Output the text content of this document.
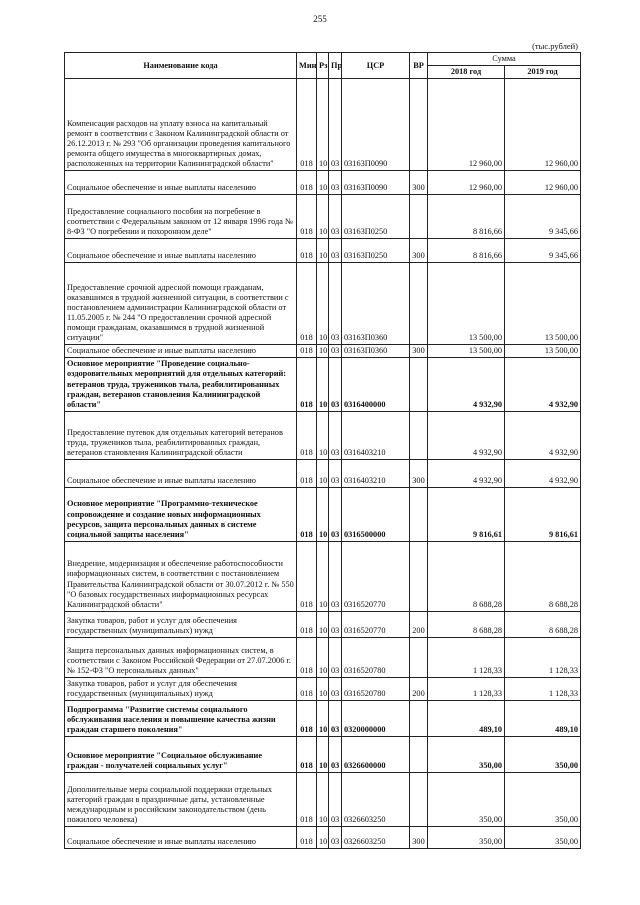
255
(тыс.рублей)
Наименование кода	Мин	Рз	Пр	ЦСР	ВР	Сумма	
						2018 год	2019 год
Компенсация расходов на уплату взноса на капитальный ремонт в соответствии с Законом Калининградской области от 26.12.2013 г. № 293 "Об организации проведения капитального ремонта общего имущества в многоквартирных домах, расположенных на территории Калининградской области"	018	10	03	03163П0090		12 960,00	12 960,00
Социальное обеспечение и иные выплаты населению	018	10	03	03163П0090	300	12 960,00	12 960,00
Предоставление социального пособия на погребение в соответствии с Федеральным законом от 12 января 1996 года № 8-ФЗ "О погребении и похоронном деле"	018	10	03	03163П0250		8 816,66	9 345,66
Социальное обеспечение и иные выплаты населению	018	10	03	03163П0250	300	8 816,66	9 345,66
Предоставление срочной адресной помощи гражданам, оказавшимся в трудной жизненной ситуации, в соответствии с постановлением администрации Калининградской области от 11.05.2005 г. № 244 "О предоставлении срочной адресной помощи гражданам, оказавшимся в трудной жизненной ситуации"	018	10	03	03163П0360		13 500,00	13 500,00
Социальное обеспечение и иные выплаты населению	018	10	03	03163П0360	300	13 500,00	13 500,00
Основное мероприятие "Проведение социально-оздоровительных мероприятий для отдельных категорий: ветеранов труда, тружеников тыла, реабилитированных граждан, ветеранов становления Калининградской области"	018	10	03	0316400000		4 932,90	4 932,90
Предоставление путевок для отдельных категорий ветеранов труда, тружеников тыла, реабилитированных граждан, ветеранов становления Калининградской области	018	10	03	0316403210		4 932,90	4 932,90
Социальное обеспечение и иные выплаты населению	018	10	03	0316403210	300	4 932,90	4 932,90
Основное мероприятие "Программно-техническое сопровождение и создание новых информационных ресурсов, защита персональных данных в системе социальной защиты населения"	018	10	03	0316500000		9 816,61	9 816,61
Внедрение, модернизация и обеспечение работоспособности информационных систем, в соответствии с постановлением Правительства Калининградской области от 30.07.2012 г. № 550 "О базовых государственных информационных ресурсах Калининградской области"	018	10	03	0316520770		8 688,28	8 688,28
Закупка товаров, работ и услуг для обеспечения государственных (муниципальных) нужд	018	10	03	0316520770	200	8 688,28	8 688,28
Защита персональных данных информационных систем, в соответствии с Законом Российской Федерации от 27.07.2006 г. № 152-ФЗ "О персональных данных"	018	10	03	0316520780		1 128,33	1 128,33
Закупка товаров, работ и услуг для обеспечения государственных (муниципальных) нужд	018	10	03	0316520780	200	1 128,33	1 128,33
Подпрограмма "Развитие системы социального обслуживания населения и повышение качества жизни граждан старшего поколения"	018	10	03	0320000000		489,10	489,10
Основное мероприятие "Социальное обслуживание граждан - получателей социальных услуг"	018	10	03	0326600000		350,00	350,00
Дополнительные меры социальной поддержки отдельных категорий граждан в праздничные даты, установленные международным и российским законодательством (день пожилого человека)	018	10	03	0326603250		350,00	350,00
Социальное обеспечение и иные выплаты населению	018	10	03	0326603250	300	350,00	350,00
